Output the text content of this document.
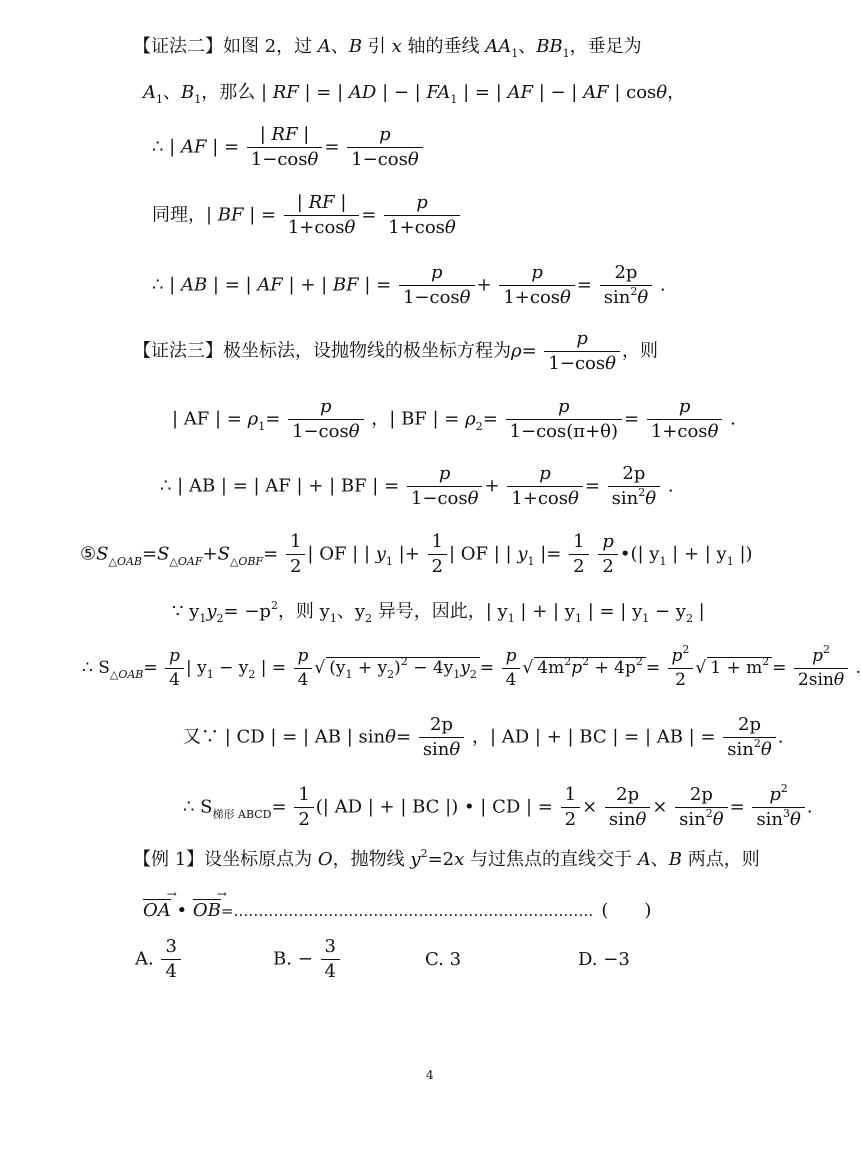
【证法二】如图 2，过 A、B 引 x 轴的垂线 $AA_1$、$BB_1$，垂足为
$A_1$、$B_1$，那么 | RF | = | AD | − | $FA_1$ | = | AF | − | AF | cosθ，
∴ | AF | = $\frac{| RF |}{1-\cos\theta} = \frac{p}{1-\cos\theta}$
同理，| BF | = $\frac{| RF |}{1+\cos\theta} = \frac{p}{1+\cos\theta}$
∴ | AB | = | AF | + | BF | = $\frac{p}{1-\cos\theta} + \frac{p}{1+\cos\theta} = \frac{2p}{\sin^2\theta}$ .
【证法三】极坐标法，设抛物线的极坐标方程为$\rho= \frac{p}{1-\cos\theta}$ ，则
| AF | = $\rho_1= \frac{p}{1-\cos\theta}$ ，| BF | = $\rho_2= \frac{p}{1-\cos(\pi+\theta)} = \frac{p}{1+\cos\theta}$ .
∴ | AB | = | AF | + | BF | = $\frac{p}{1-\cos\theta} + \frac{p}{1+\cos\theta} = \frac{2p}{\sin^2\theta}$ .
$⑤S_{\triangle OAB}=S_{\triangle OAF}+S_{\triangle OBF}= \frac{1}{2}$ | OF | | $y_1$ |+ $\frac{1}{2}$ | OF | | $y_1$ |= $\frac{1}{2}$
$\frac{p}{2}$ •(| $y_1$ | + | $y_1$ |)
∵ $y_1y_2= -p^2$，则 $y_1$、$y_2$ 异号，因此，| $y_1$ | + | $y_1$ | = | $y_1 - y_2$ |
∴ $S_{\triangle OAB}= \frac{p}{4}$ | $y_1 - y_2$ | = $\frac{p}{4}$ √ $(y_1 + y_2)^2 - 4y_1y_2 = \frac{p}{4}$ √ $4m^2p^2 + 4p^2 = \frac{p^2}{2}$ √ $1 + m^2 = \frac{p^2}{2\sin\theta}$ .
又∵ | CD | = | AB | $\sin\theta= \frac{2p}{\sin\theta}$ ，| AD | + | BC | = | AB | = $\frac{2p}{\sin^2\theta}$ .
∴ $S_{梯形 ABCD}= \frac{1}{2}$ (| AD | + | BC |) • | CD | = $\frac{1}{2} \times \frac{2p}{\sin\theta} \times \frac{2p}{\sin^2\theta} = \frac{p^2}{\sin^3\theta}$ .
【例 1】设坐标原点为 O，抛物线 $y^2=2x$ 与过焦点的直线交于 A、B 两点，则
OA → • OB →=……………………………………………………………… (　　)
A. $\frac{3}{4}$	B. − $\frac{3}{4}$	C. 3	D. −3
4
